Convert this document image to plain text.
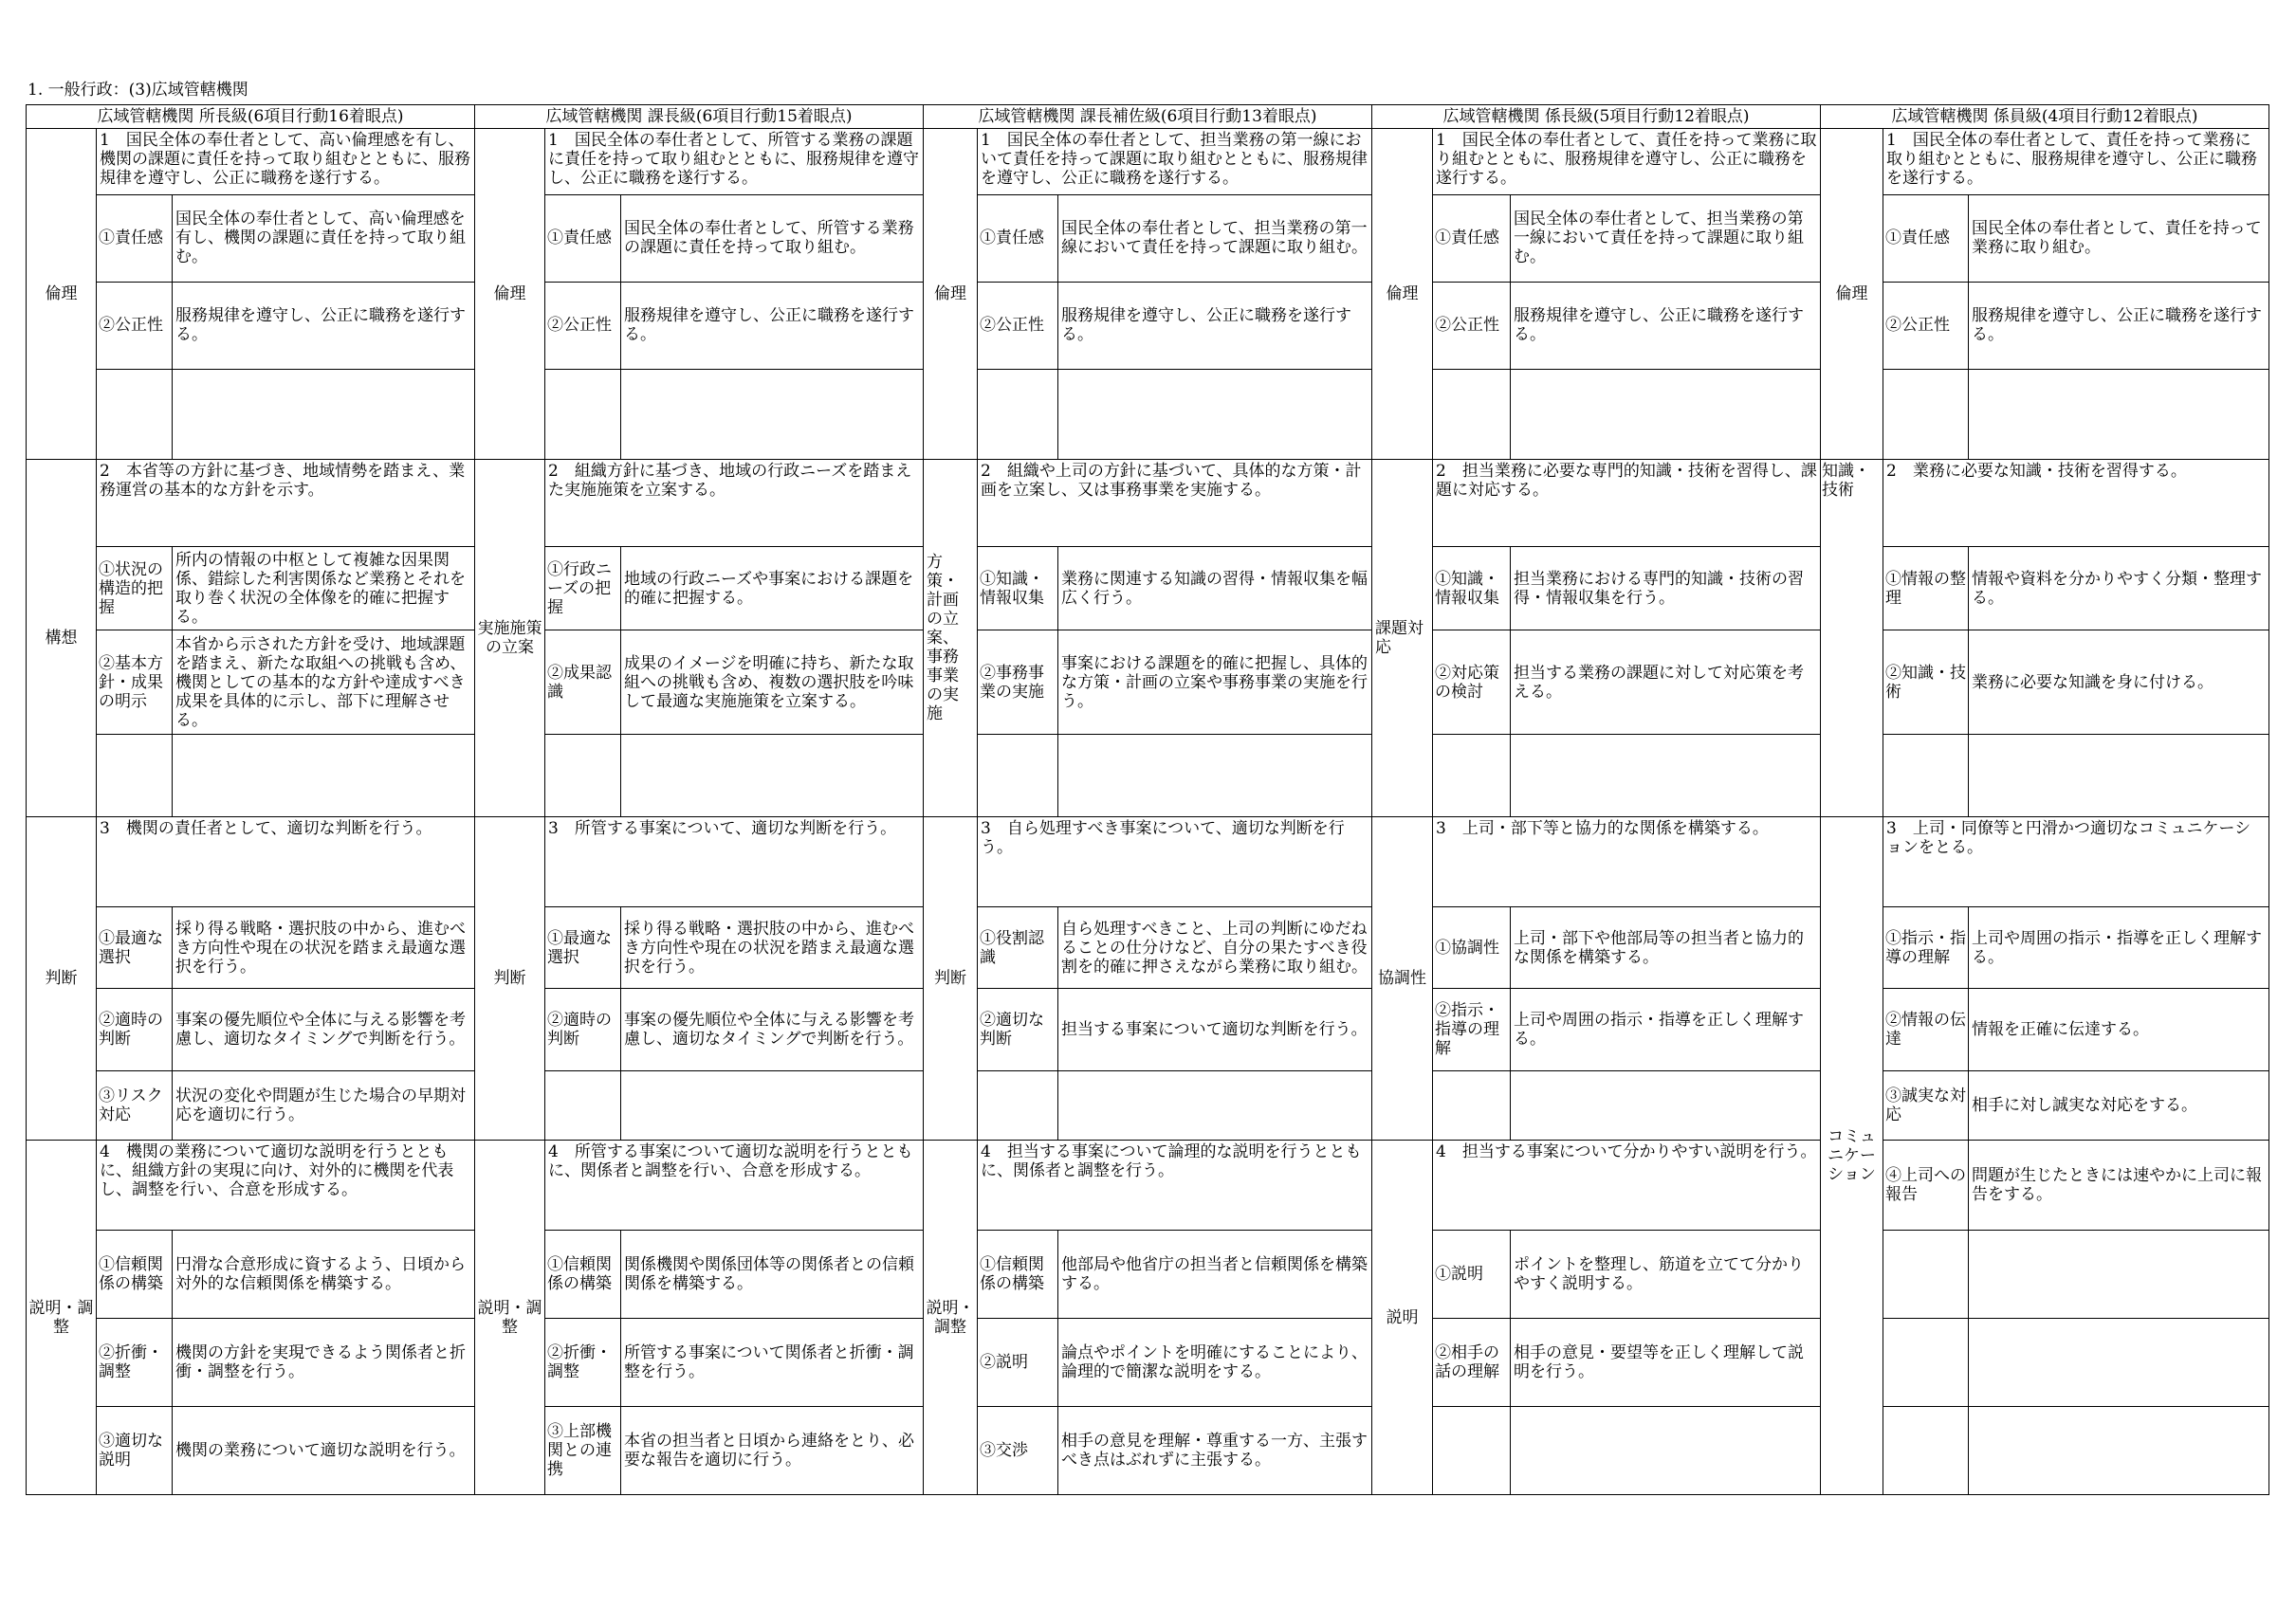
1. 一般行政：(3)広域管轄機関
広域管轄機関 所長級(6項目行動16着眼点)			広域管轄機関 課長級(6項目行動15着眼点)			広域管轄機関 課長補佐級(6項目行動13着眼点)			広域管轄機関 係長級(5項目行動12着眼点)			広域管轄機関 係員級(4項目行動12着眼点)		
倫理	1　国民全体の奉仕者として、高い倫理感を有し、機関の課題に責任を持って取り組むとともに、服務規律を遵守し、公正に職務を遂行する。		倫理	1　国民全体の奉仕者として、所管する業務の課題に責任を持って取り組むとともに、服務規律を遵守し、公正に職務を遂行する。		倫理	1　国民全体の奉仕者として、担当業務の第一線において責任を持って課題に取り組むとともに、服務規律を遵守し、公正に職務を遂行する。		倫理	1　国民全体の奉仕者として、責任を持って業務に取り組むとともに、服務規律を遵守し、公正に職務を遂行する。		倫理	1　国民全体の奉仕者として、責任を持って業務に取り組むとともに、服務規律を遵守し、公正に職務を遂行する。	
	①責任感	国民全体の奉仕者として、高い倫理感を有し、機関の課題に責任を持って取り組む。		①責任感	国民全体の奉仕者として、所管する業務の課題に責任を持って取り組む。		①責任感	国民全体の奉仕者として、担当業務の第一線において責任を持って課題に取り組む。		①責任感	国民全体の奉仕者として、担当業務の第一線において責任を持って課題に取り組む。		①責任感	国民全体の奉仕者として、責任を持って業務に取り組む。
	②公正性	服務規律を遵守し、公正に職務を遂行する。		②公正性	服務規律を遵守し、公正に職務を遂行する。		②公正性	服務規律を遵守し、公正に職務を遂行する。		②公正性	服務規律を遵守し、公正に職務を遂行する。		②公正性	服務規律を遵守し、公正に職務を遂行する。

構想	2　本省等の方針に基づき、地域情勢を踏まえ、業務運営の基本的な方針を示す。		実施施策の立案	2　組織方針に基づき、地域の行政ニーズを踏まえた実施施策を立案する。		方策・計画の立案、事務事業の実施	2　組織や上司の方針に基づいて、具体的な方策・計画を立案し、又は事務事業を実施する。		課題対応	2　担当業務に必要な専門的知識・技術を習得し、課題に対応する。		知識・技術	2　業務に必要な知識・技術を習得する。	
	①状況の構造的把握	所内の情報の中枢として複雑な因果関係、錯綜した利害関係など業務とそれを取り巻く状況の全体像を的確に把握する。		①行政ニーズの把握	地域の行政ニーズや事案における課題を的確に把握する。		①知識・情報収集	業務に関連する知識の習得・情報収集を幅広く行う。		①知識・情報収集	担当業務における専門的知識・技術の習得・情報収集を行う。		①情報の整理	情報や資料を分かりやすく分類・整理する。
	②基本方針・成果の明示	本省から示された方針を受け、地域課題を踏まえ、新たな取組への挑戦も含め、機関としての基本的な方針や達成すべき成果を具体的に示し、部下に理解させる。		②成果認識	成果のイメージを明確に持ち、新たな取組への挑戦も含め、複数の選択肢を吟味して最適な実施施策を立案する。		②事務事業の実施	事案における課題を的確に把握し、具体的な方策・計画の立案や事務事業の実施を行う。		②対応策の検討	担当する業務の課題に対して対応策を考える。		②知識・技術	業務に必要な知識を身に付ける。

判断	3　機関の責任者として、適切な判断を行う。		判断	3　所管する事案について、適切な判断を行う。		判断	3　自ら処理すべき事案について、適切な判断を行う。		協調性	3　上司・部下等と協力的な関係を構築する。		コミュニケーション	3　上司・同僚等と円滑かつ適切なコミュニケーションをとる。	
	①最適な選択	採り得る戦略・選択肢の中から、進むべき方向性や現在の状況を踏まえ最適な選択を行う。		①最適な選択	採り得る戦略・選択肢の中から、進むべき方向性や現在の状況を踏まえ最適な選択を行う。		①役割認識	自ら処理すべきこと、上司の判断にゆだねることの仕分けなど、自分の果たすべき役割を的確に押さえながら業務に取り組む。		①協調性	上司・部下や他部局等の担当者と協力的な関係を構築する。		①指示・指導の理解	上司や周囲の指示・指導を正しく理解する。
	②適時の判断	事案の優先順位や全体に与える影響を考慮し、適切なタイミングで判断を行う。		②適時の判断	事案の優先順位や全体に与える影響を考慮し、適切なタイミングで判断を行う。		②適切な判断	担当する事案について適切な判断を行う。		②指示・指導の理解	上司や周囲の指示・指導を正しく理解する。		②情報の伝達	情報を正確に伝達する。
	③リスク対応	状況の変化や問題が生じた場合の早期対応を適切に行う。											③誠実な対応	相手に対し誠実な対応をする。
説明・調整	4　機関の業務について適切な説明を行うとともに、組織方針の実現に向け、対外的に機関を代表し、調整を行い、合意を形成する。		説明・調整	4　所管する事案について適切な説明を行うとともに、関係者と調整を行い、合意を形成する。		説明・調整	4　担当する事案について論理的な説明を行うとともに、関係者と調整を行う。		説明	4　担当する事案について分かりやすい説明を行う。			④上司への報告	問題が生じたときには速やかに上司に報告をする。
	①信頼関係の構築	円滑な合意形成に資するよう、日頃から対外的な信頼関係を構築する。		①信頼関係の構築	関係機関や関係団体等の関係者との信頼関係を構築する。		①信頼関係の構築	他部局や他省庁の担当者と信頼関係を構築する。		①説明	ポイントを整理し、筋道を立てて分かりやすく説明する。			
	②折衝・調整	機関の方針を実現できるよう関係者と折衝・調整を行う。		②折衝・調整	所管する事案について関係者と折衝・調整を行う。		②説明	論点やポイントを明確にすることにより、論理的で簡潔な説明をする。		②相手の話の理解	相手の意見・要望等を正しく理解して説明を行う。			
	③適切な説明	機関の業務について適切な説明を行う。		③上部機関との連携	本省の担当者と日頃から連絡をとり、必要な報告を適切に行う。		③交渉	相手の意見を理解・尊重する一方、主張すべき点はぶれずに主張する。						
